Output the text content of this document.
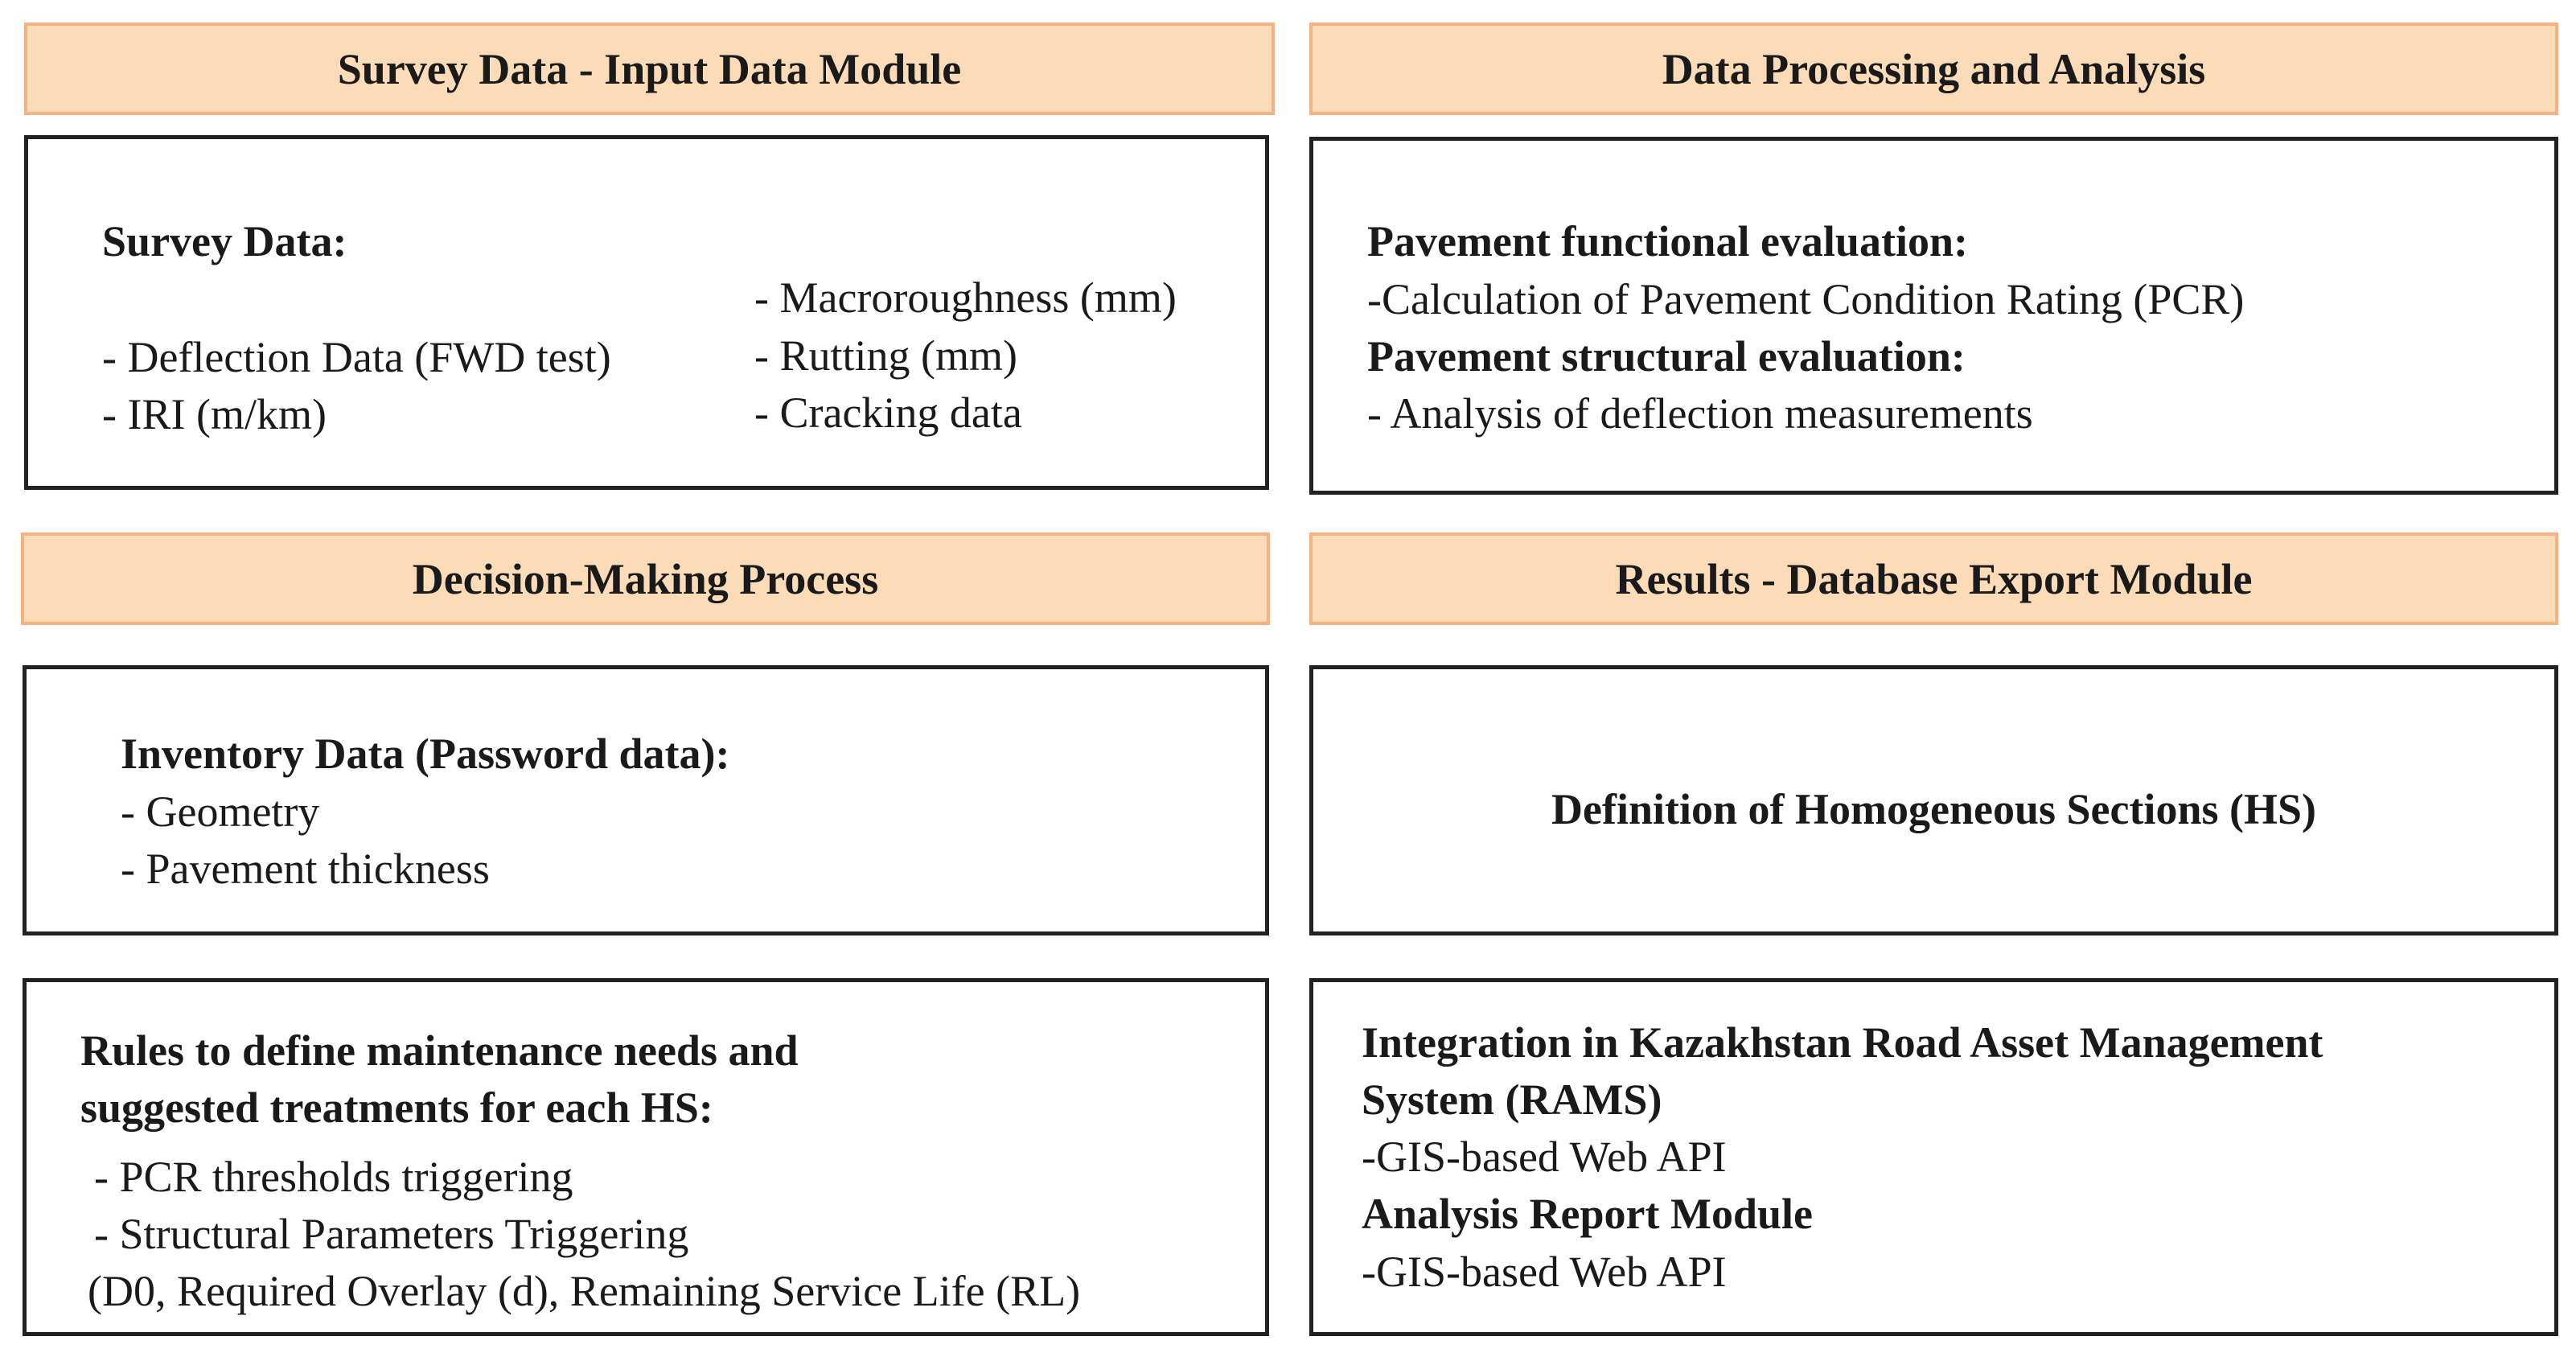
Survey Data - Input Data Module	Data Processing and Analysis
Decision-Making Process	Results - Database Export Module
Survey Data:
- Deflection Data (FWD test)
- IRI (m/km)
- Macroroughness (mm)
- Rutting (mm)
- Cracking data
Pavement functional evaluation:
-Calculation of Pavement Condition Rating (PCR)
Pavement structural evaluation:
- Analysis of deflection measurements
Inventory Data (Password data):
- Geometry
- Pavement thickness
Definition of Homogeneous Sections (HS)
Rules to define maintenance needs and
suggested treatments for each HS:
- PCR thresholds triggering
- Structural Parameters Triggering
(D0, Required Overlay (d), Remaining Service Life (RL)
Integration in Kazakhstan Road Asset Management
System (RAMS)
-GIS-based Web API
Analysis Report Module
-GIS-based Web API
